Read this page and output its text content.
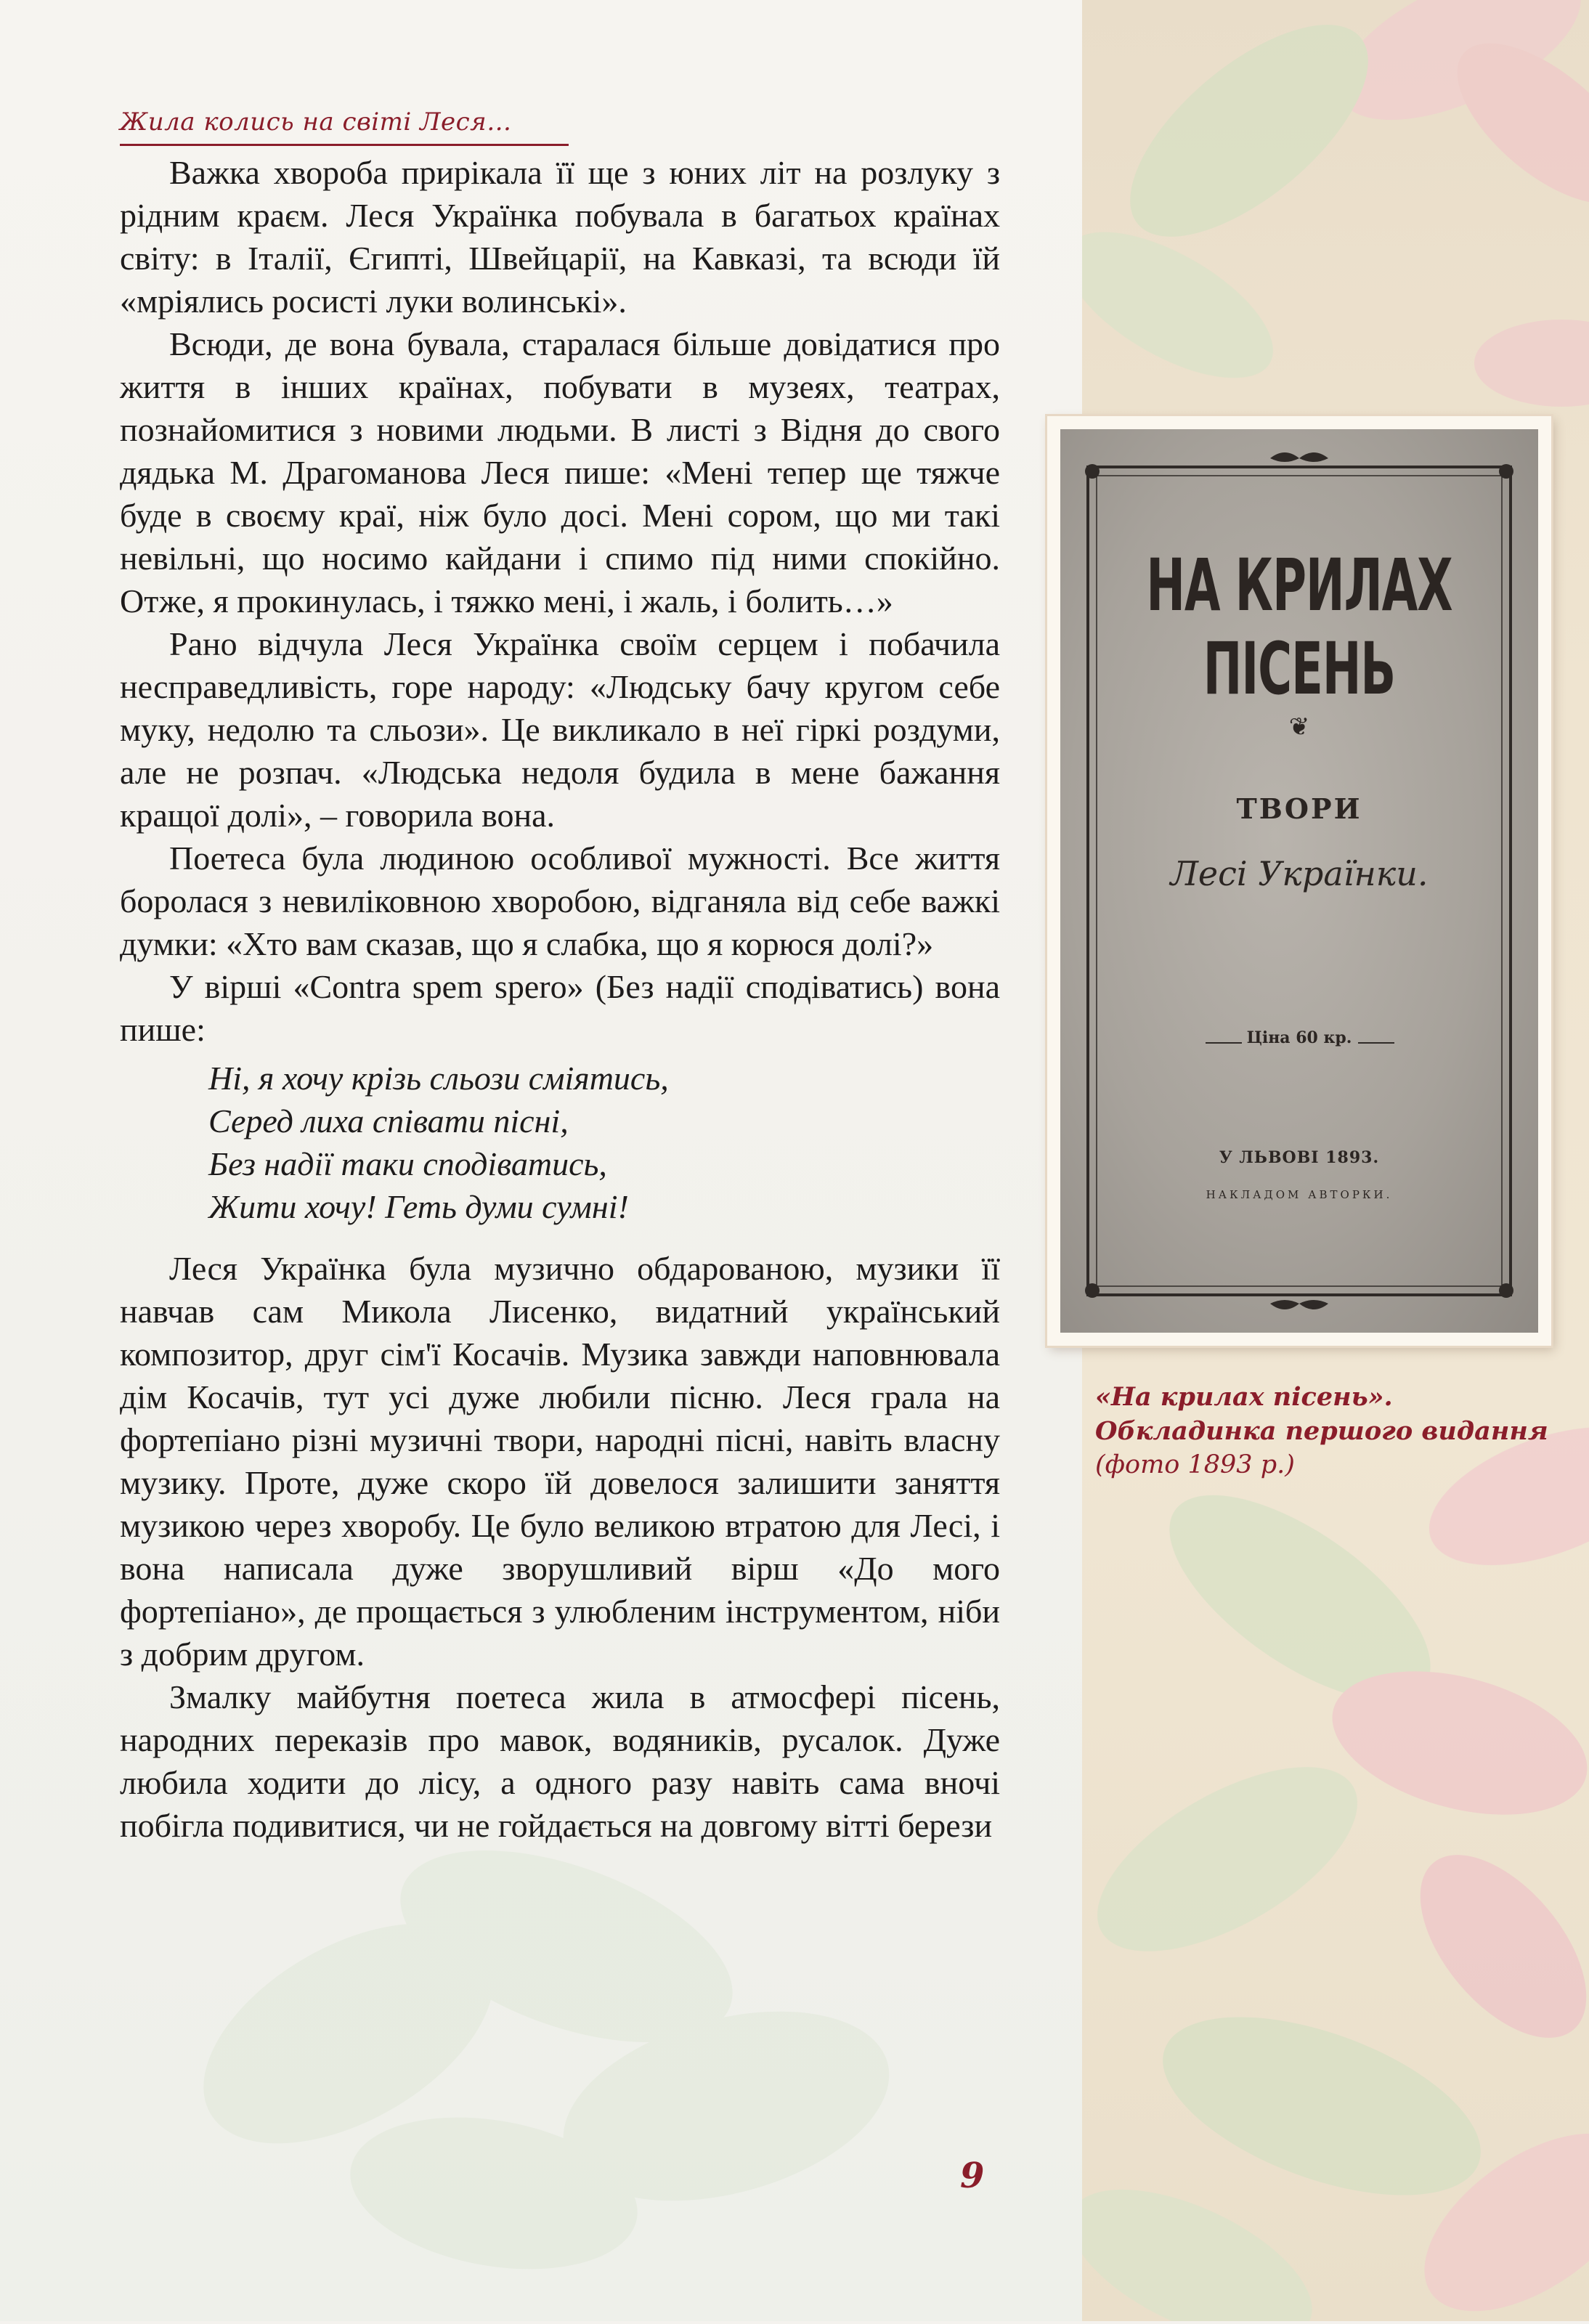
Жила колись на світі Леся…

Важка хвороба прирікала її ще з юних літ на розлуку з рідним краєм. Леся Українка побувала в багатьох країнах світу: в Італії, Єгипті, Швейцарії, на Кавказі, та всюди їй «мріялись росисті луки волинські».

Всюди, де вона бувала, старалася більше довідатися про життя в інших країнах, побувати в музеях, театрах, познайомитися з новими людьми. В листі з Відня до свого дядька М. Драгоманова Леся пише: «Мені тепер ще тяжче буде в своєму краї, ніж було досі. Мені сором, що ми такі невільні, що носимо кайдани і спимо під ними спокійно. Отже, я прокинулась, і тяжко мені, і жаль, і болить…»

Рано відчула Леся Українка своїм серцем і побачила несправедливість, горе народу: «Людську бачу кругом себе муку, недолю та сльози». Це викликало в неї гіркі роздуми, але не розпач. «Людська недоля будила в мене бажання кращої долі», – говорила вона.

Поетеса була людиною особливої мужності. Все життя боролася з невиліковною хворобою, відганяла від себе важкі думки: «Хто вам сказав, що я слабка, що я корюся долі?»

У вірші «Contra spem spero» (Без надії сподіватись) вона пише:

Ні, я хочу крізь сльози сміятись,
Серед лиха співати пісні,
Без надії таки сподіватись,
Жити хочу! Геть думи сумні!

Леся Українка була музично обдарованою, музики її навчав сам Микола Лисенко, видатний український композитор, друг сім'ї Косачів. Музика завжди наповнювала дім Косачів, тут усі дуже любили пісню. Леся грала на фортепіано різні музичні твори, народні пісні, навіть власну музику. Проте, дуже скоро їй довелося залишити заняття музикою через хворобу. Це було великою втратою для Лесі, і вона написала дуже зворушливий вірш «До мого фортепіано», де прощається з улюбленим інструментом, ніби з добрим другом.

Змалку майбутня поетеса жила в атмосфері пісень, народних переказів про мавок, водяників, русалок. Дуже любила ходити до лісу, а одного разу навіть сама вночі побігла подивитися, чи не гойдається на довгому вітті берези

НА КРИЛАХ ПІСЕНЬ
❦
ТВОРИ
Лесі Українки.
Ціна 60 кр.
У ЛЬВОВІ 1893.
НАКЛАДОМ АВТОРКИ.
«На крилах пісень».
Обкладинка першого видання
(фото 1893 р.)
9
